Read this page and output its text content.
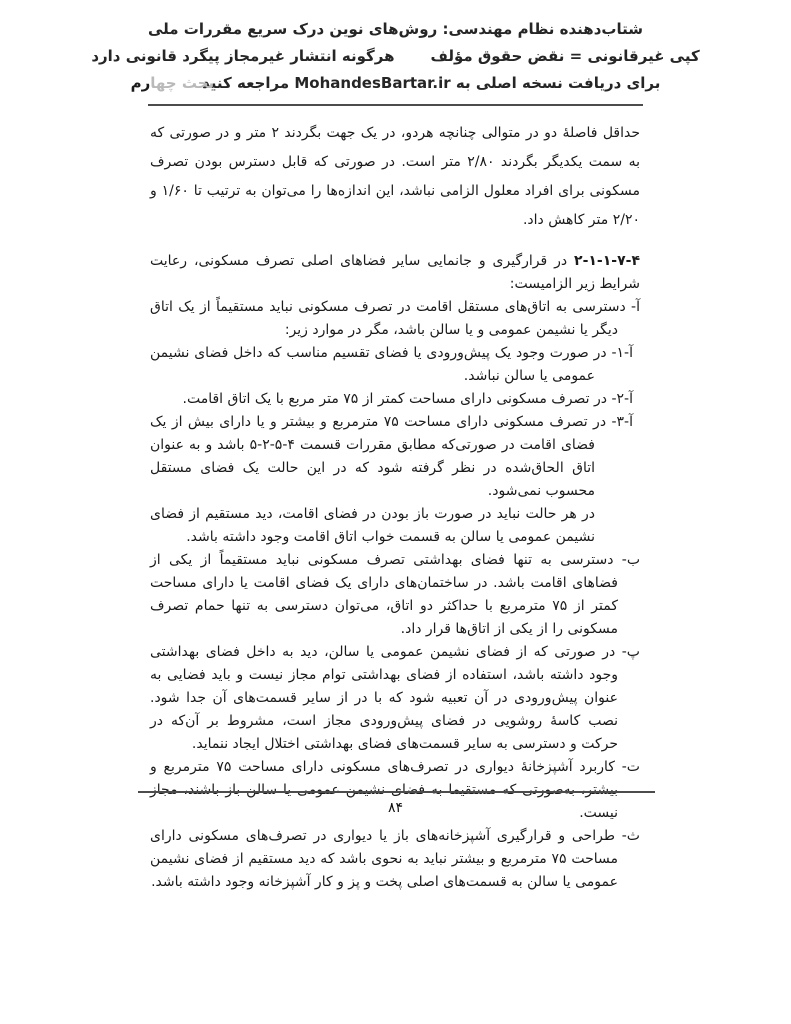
شتاب‌دهنده نظام مهندسی: روش‌های نوین درک سریع مقررات ملی
کپی غیرقانونی = نقض حقوق مؤلف
هرگونه انتشار غیرمجاز پیگرد قانونی دارد
برای دریافت نسخه اصلی به MohandesBartar.ir مراجعه کنید
بحث چها
رم

حداقل فاصلهٔ دو در متوالی چنانچه هردو، در یک جهت بگردند ۲ متر و در صورتی که به سمت یکدیگر بگردند ۲/۸۰ متر است. در صورتی که قابل دسترس بودن تصرف مسکونی برای افراد معلول الزامی نباشد، این اندازه‌ها را می‌توان به ترتیب تا ۱/۶۰ و ۲/۲۰ متر کاهش داد.

۴-۷-۱-۱-۲ در قرارگیری و جانمایی سایر فضاهای اصلی تصرف مسکونی، رعایت شرایط زیر الزامیست:

آ- دسترسی به اتاق‌های مستقل اقامت در تصرف مسکونی نباید مستقیماً از یک اتاق دیگر یا نشیمن عمومی و یا سالن باشد، مگر در موارد زیر:

آ-۱- در صورت وجود یک پیش‌ورودی یا فضای تقسیم مناسب که داخل فضای نشیمن عمومی یا سالن نباشد.

آ-۲- در تصرف مسکونی دارای مساحت کمتر از ۷۵ متر مربع با یک اتاق اقامت.

آ-۳- در تصرف مسکونی دارای مساحت ۷۵ مترمربع و بیشتر و یا دارای بیش از یک فضای اقامت در صورتی‌که مطابق مقررات قسمت ۴‏-۵‏-۲‏-۵ باشد و به عنوان اتاق الحاق‌شده در نظر گرفته شود که در این حالت یک فضای مستقل محسوب نمی‌شود.

در هر حالت نباید در صورت باز بودن در فضای اقامت، دید مستقیم از فضای نشیمن عمومی یا سالن به قسمت خواب اتاق اقامت وجود داشته باشد.

ب- دسترسی به تنها فضای بهداشتی تصرف مسکونی نباید مستقیماً از یکی از فضاهای اقامت باشد. در ساختمان‌های دارای یک فضای اقامت یا دارای مساحت کمتر از ۷۵ مترمربع با حداکثر دو اتاق، می‌توان دسترسی به تنها حمام تصرف مسکونی را از یکی از اتاق‌ها قرار داد.

پ- در صورتی که از فضای نشیمن عمومی یا سالن، دید به داخل فضای بهداشتی وجود داشته باشد، استفاده از فضای بهداشتی توام مجاز نیست و باید فضایی به عنوان پیش‌ورودی در آن تعبیه شود که با در از سایر قسمت‌های آن جدا شود. نصب کاسهٔ روشویی در فضای پیش‌ورودی مجاز است، مشروط بر آن‌که در حرکت و دسترسی به سایر قسمت‌های فضای بهداشتی اختلال ایجاد ننماید.

ت- کاربرد آشپزخانهٔ دیواری در تصرف‌های مسکونی دارای مساحت ۷۵ مترمربع و بیشتر، به‌صورتی که مستقیما به فضای نشیمن عمومی یا سالن باز باشند، مجاز نیست.

ث- طراحی و قرارگیری آشپزخانه‌های باز یا دیواری در تصرف‌های مسکونی دارای مساحت ۷۵ مترمربع و بیشتر نباید به نحوی باشد که دید مستقیم از فضای نشیمن عمومی یا سالن به قسمت‌های اصلی پخت و پز و کار آشپزخانه وجود داشته باشد.

۸۴
